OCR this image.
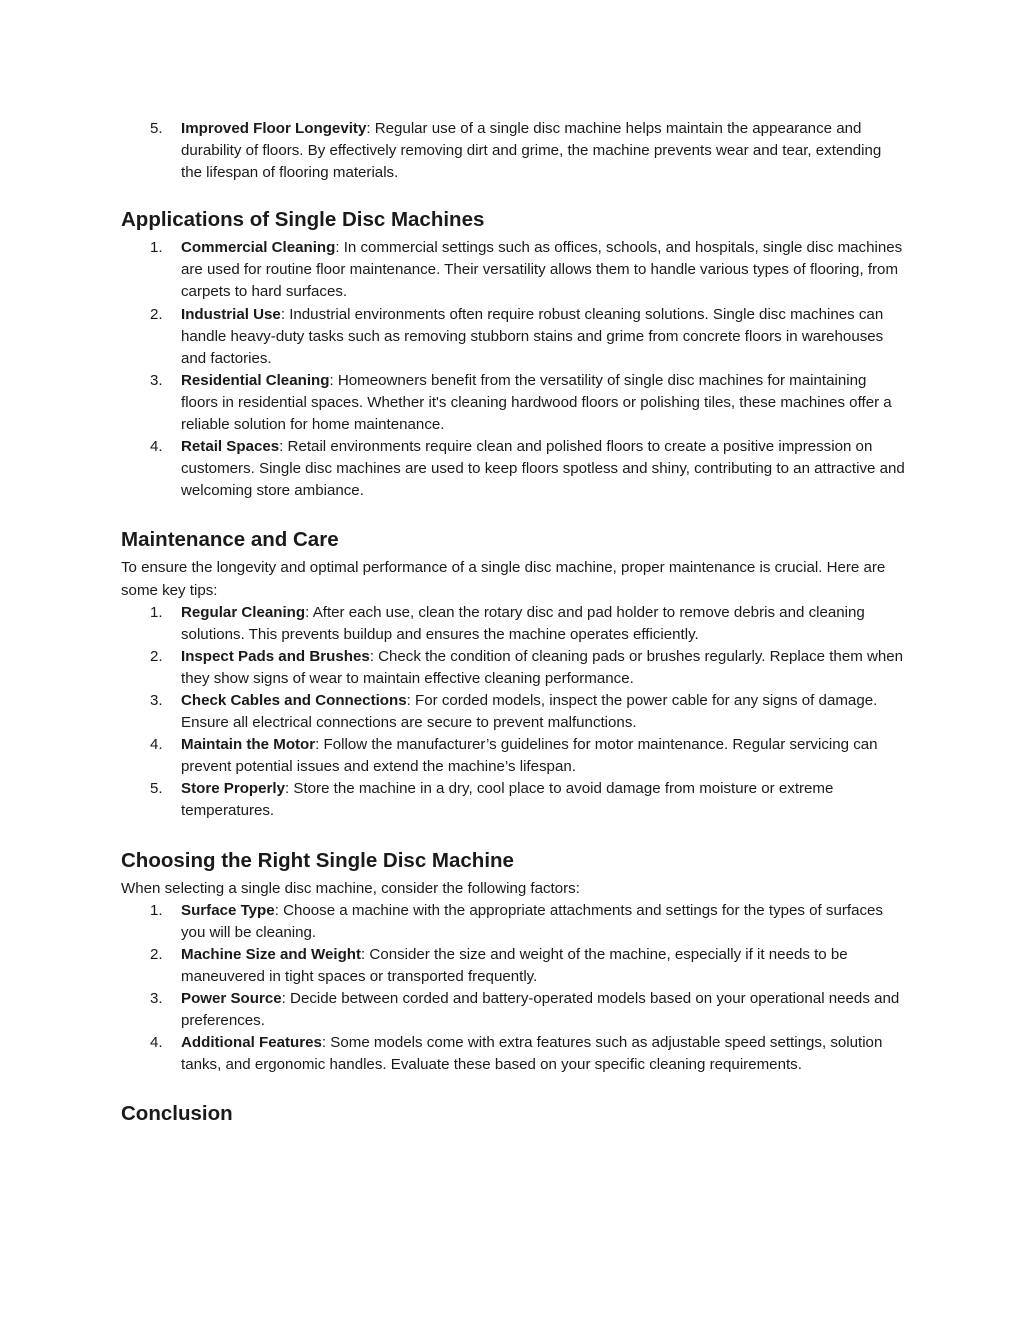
5. Improved Floor Longevity: Regular use of a single disc machine helps maintain the appearance and durability of floors. By effectively removing dirt and grime, the machine prevents wear and tear, extending the lifespan of flooring materials.
Applications of Single Disc Machines
1. Commercial Cleaning: In commercial settings such as offices, schools, and hospitals, single disc machines are used for routine floor maintenance. Their versatility allows them to handle various types of flooring, from carpets to hard surfaces.
2. Industrial Use: Industrial environments often require robust cleaning solutions. Single disc machines can handle heavy-duty tasks such as removing stubborn stains and grime from concrete floors in warehouses and factories.
3. Residential Cleaning: Homeowners benefit from the versatility of single disc machines for maintaining floors in residential spaces. Whether it's cleaning hardwood floors or polishing tiles, these machines offer a reliable solution for home maintenance.
4. Retail Spaces: Retail environments require clean and polished floors to create a positive impression on customers. Single disc machines are used to keep floors spotless and shiny, contributing to an attractive and welcoming store ambiance.
Maintenance and Care

To ensure the longevity and optimal performance of a single disc machine, proper maintenance is crucial. Here are some key tips:

1. Regular Cleaning: After each use, clean the rotary disc and pad holder to remove debris and cleaning solutions. This prevents buildup and ensures the machine operates efficiently.
2. Inspect Pads and Brushes: Check the condition of cleaning pads or brushes regularly. Replace them when they show signs of wear to maintain effective cleaning performance.
3. Check Cables and Connections: For corded models, inspect the power cable for any signs of damage. Ensure all electrical connections are secure to prevent malfunctions.
4. Maintain the Motor: Follow the manufacturer’s guidelines for motor maintenance. Regular servicing can prevent potential issues and extend the machine’s lifespan.
5. Store Properly: Store the machine in a dry, cool place to avoid damage from moisture or extreme temperatures.
Choosing the Right Single Disc Machine

When selecting a single disc machine, consider the following factors:

1. Surface Type: Choose a machine with the appropriate attachments and settings for the types of surfaces you will be cleaning.
2. Machine Size and Weight: Consider the size and weight of the machine, especially if it needs to be maneuvered in tight spaces or transported frequently.
3. Power Source: Decide between corded and battery-operated models based on your operational needs and preferences.
4. Additional Features: Some models come with extra features such as adjustable speed settings, solution tanks, and ergonomic handles. Evaluate these based on your specific cleaning requirements.
Conclusion
